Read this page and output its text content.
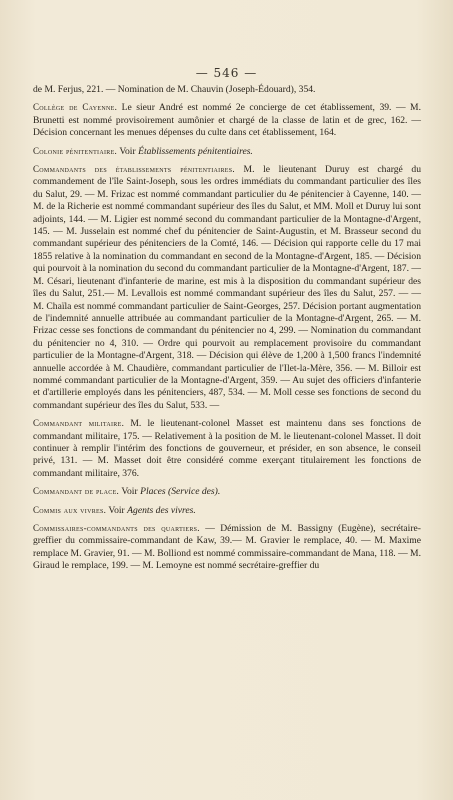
— 546 —

de M. Ferjus, 221. — Nomination de M. Chauvin (Joseph-Édouard), 354.

Collège de Cayenne. Le sieur André est nommé 2e concierge de cet établissement, 39. — M. Brunetti est nommé provisoirement aumônier et chargé de la classe de latin et de grec, 162. — Décision concernant les menues dépenses du culte dans cet établissement, 164.

Colonie pénitentiaire. Voir Établissements pénitentiaires.

Commandants des établissements pénitentiaires. M. le lieutenant Duruy est chargé du commandement de l'île Saint-Joseph, sous les ordres immédiats du commandant particulier des îles du Salut, 29. — M. Frizac est nommé commandant particulier du 4e pénitencier à Cayenne, 140. — M. de la Richerie est nommé commandant supérieur des îles du Salut, et MM. Moll et Duruy lui sont adjoints, 144. — M. Ligier est nommé second du commandant particulier de la Montagne-d'Argent, 145. — M. Jusselain est nommé chef du pénitencier de Saint-Augustin, et M. Brasseur second du commandant supérieur des pénitenciers de la Comté, 146. — Décision qui rapporte celle du 17 mai 1855 relative à la nomination du commandant en second de la Montagne-d'Argent, 185. — Décision qui pourvoit à la nomination du second du commandant particulier de la Montagne-d'Argent, 187. — M. Césari, lieutenant d'infanterie de marine, est mis à la disposition du commandant supérieur des îles du Salut, 251.— M. Levallois est nommé commandant supérieur des îles du Salut, 257. — — M. Chaïla est nommé commandant particulier de Saint-Georges, 257. Décision portant augmentation de l'indemnité annuelle attribuée au commandant particulier de la Montagne-d'Argent, 265. — M. Frizac cesse ses fonctions de commandant du pénitencier no 4, 299. — Nomination du commandant du pénitencier no 4, 310. — Ordre qui pourvoit au remplacement provisoire du commandant particulier de la Montagne-d'Argent, 318. — Décision qui élève de 1,200 à 1,500 francs l'indemnité annuelle accordée à M. Chaudière, commandant particulier de l'Ilet-la-Mère, 356. — M. Billoir est nommé commandant particulier de la Montagne-d'Argent, 359. — Au sujet des officiers d'infanterie et d'artillerie employés dans les pénitenciers, 487, 534. — M. Moll cesse ses fonctions de second du commandant supérieur des îles du Salut, 533. —

Commandant militaire. M. le lieutenant-colonel Masset est maintenu dans ses fonctions de commandant militaire, 175. — Relativement à la position de M. le lieutenant-colonel Masset. Il doit continuer à remplir l'intérim des fonctions de gouverneur, et présider, en son absence, le conseil privé, 131. — M. Masset doit être considéré comme exerçant titulairement les fonctions de commandant militaire, 376.

Commandant de place. Voir Places (Service des).

Commis aux vivres. Voir Agents des vivres.

Commissaires-commandants des quartiers. — Démission de M. Bassigny (Eugène), secrétaire-greffier du commissaire-commandant de Kaw, 39.— M. Gravier le remplace, 40. — M. Maxime remplace M. Gravier, 91. — M. Bolliond est nommé commissaire-commandant de Mana, 118. — M. Giraud le remplace, 199. — M. Lemoyne est nommé secrétaire-greffier du
